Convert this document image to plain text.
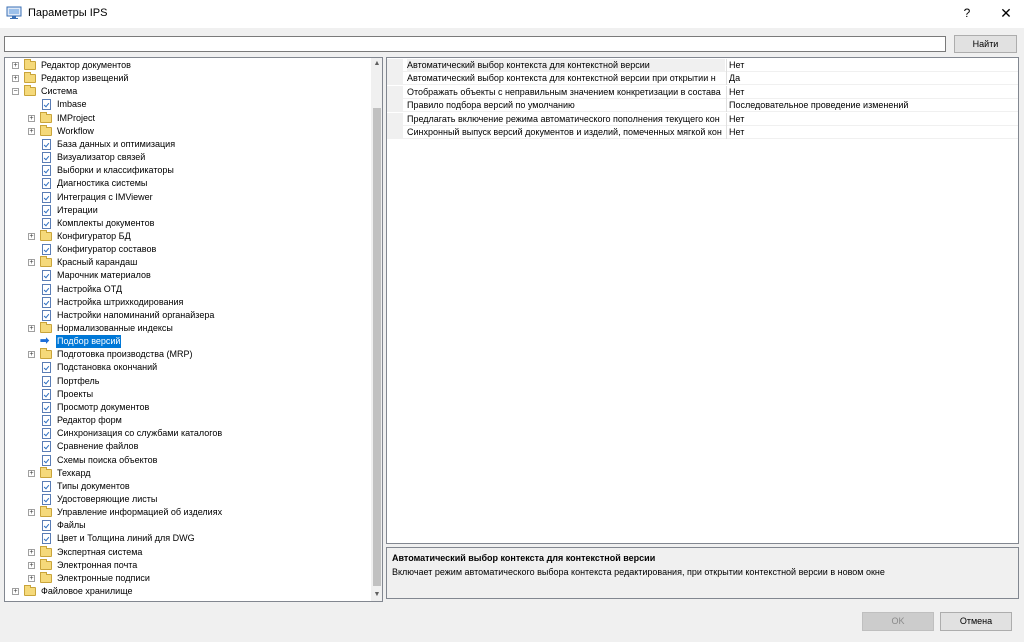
Параметры IPS	?	✕
Найти
+	Редактор документов
+	Редактор извещений
−	Система
Imbase
+	IMProject
+	Workflow
База данных и оптимизация
Визуализатор связей
Выборки и классификаторы
Диагностика системы
Интеграция с IMViewer
Итерации
Комплекты документов
+	Конфигуратор БД
Конфигуратор составов
+	Красный карандаш
Марочник материалов
Настройка ОТД
Настройка штрихкодирования
Настройки напоминаний органайзера
+	Нормализованные индексы
➡ Подбор версий
+	Подготовка производства (MRP)
Подстановка окончаний
Портфель
Проекты
Просмотр документов
Редактор форм
Синхронизация со службами каталогов
Сравнение файлов
Схемы поиска объектов
+	Техкард
Типы документов
Удостоверяющие листы
+	Управление информацией об изделиях
Файлы
Цвет и Толщина линий для DWG
+	Экспертная система
+	Электронная почта
+	Электронные подписи
+	Файловое хранилище
▲
▼
Автоматический выбор контекста для контекстной версии	Нет
Автоматический выбор контекста для контекстной версии при открытии н	Да
Отображать объекты с неправильным значением конкретизации в состава Нет
Правило подбора версий по умолчанию	Последовательное проведение изменений
Предлагать включение режима автоматического пополнения текущего кон	Нет
Синхронный выпуск версий документов и изделий, помеченных мягкой кон Нет
Автоматический выбор контекста для контекстной версии
Включает режим автоматического выбора контекста редактирования, при открытии контекстной версии в новом окне
OK	Отмена
